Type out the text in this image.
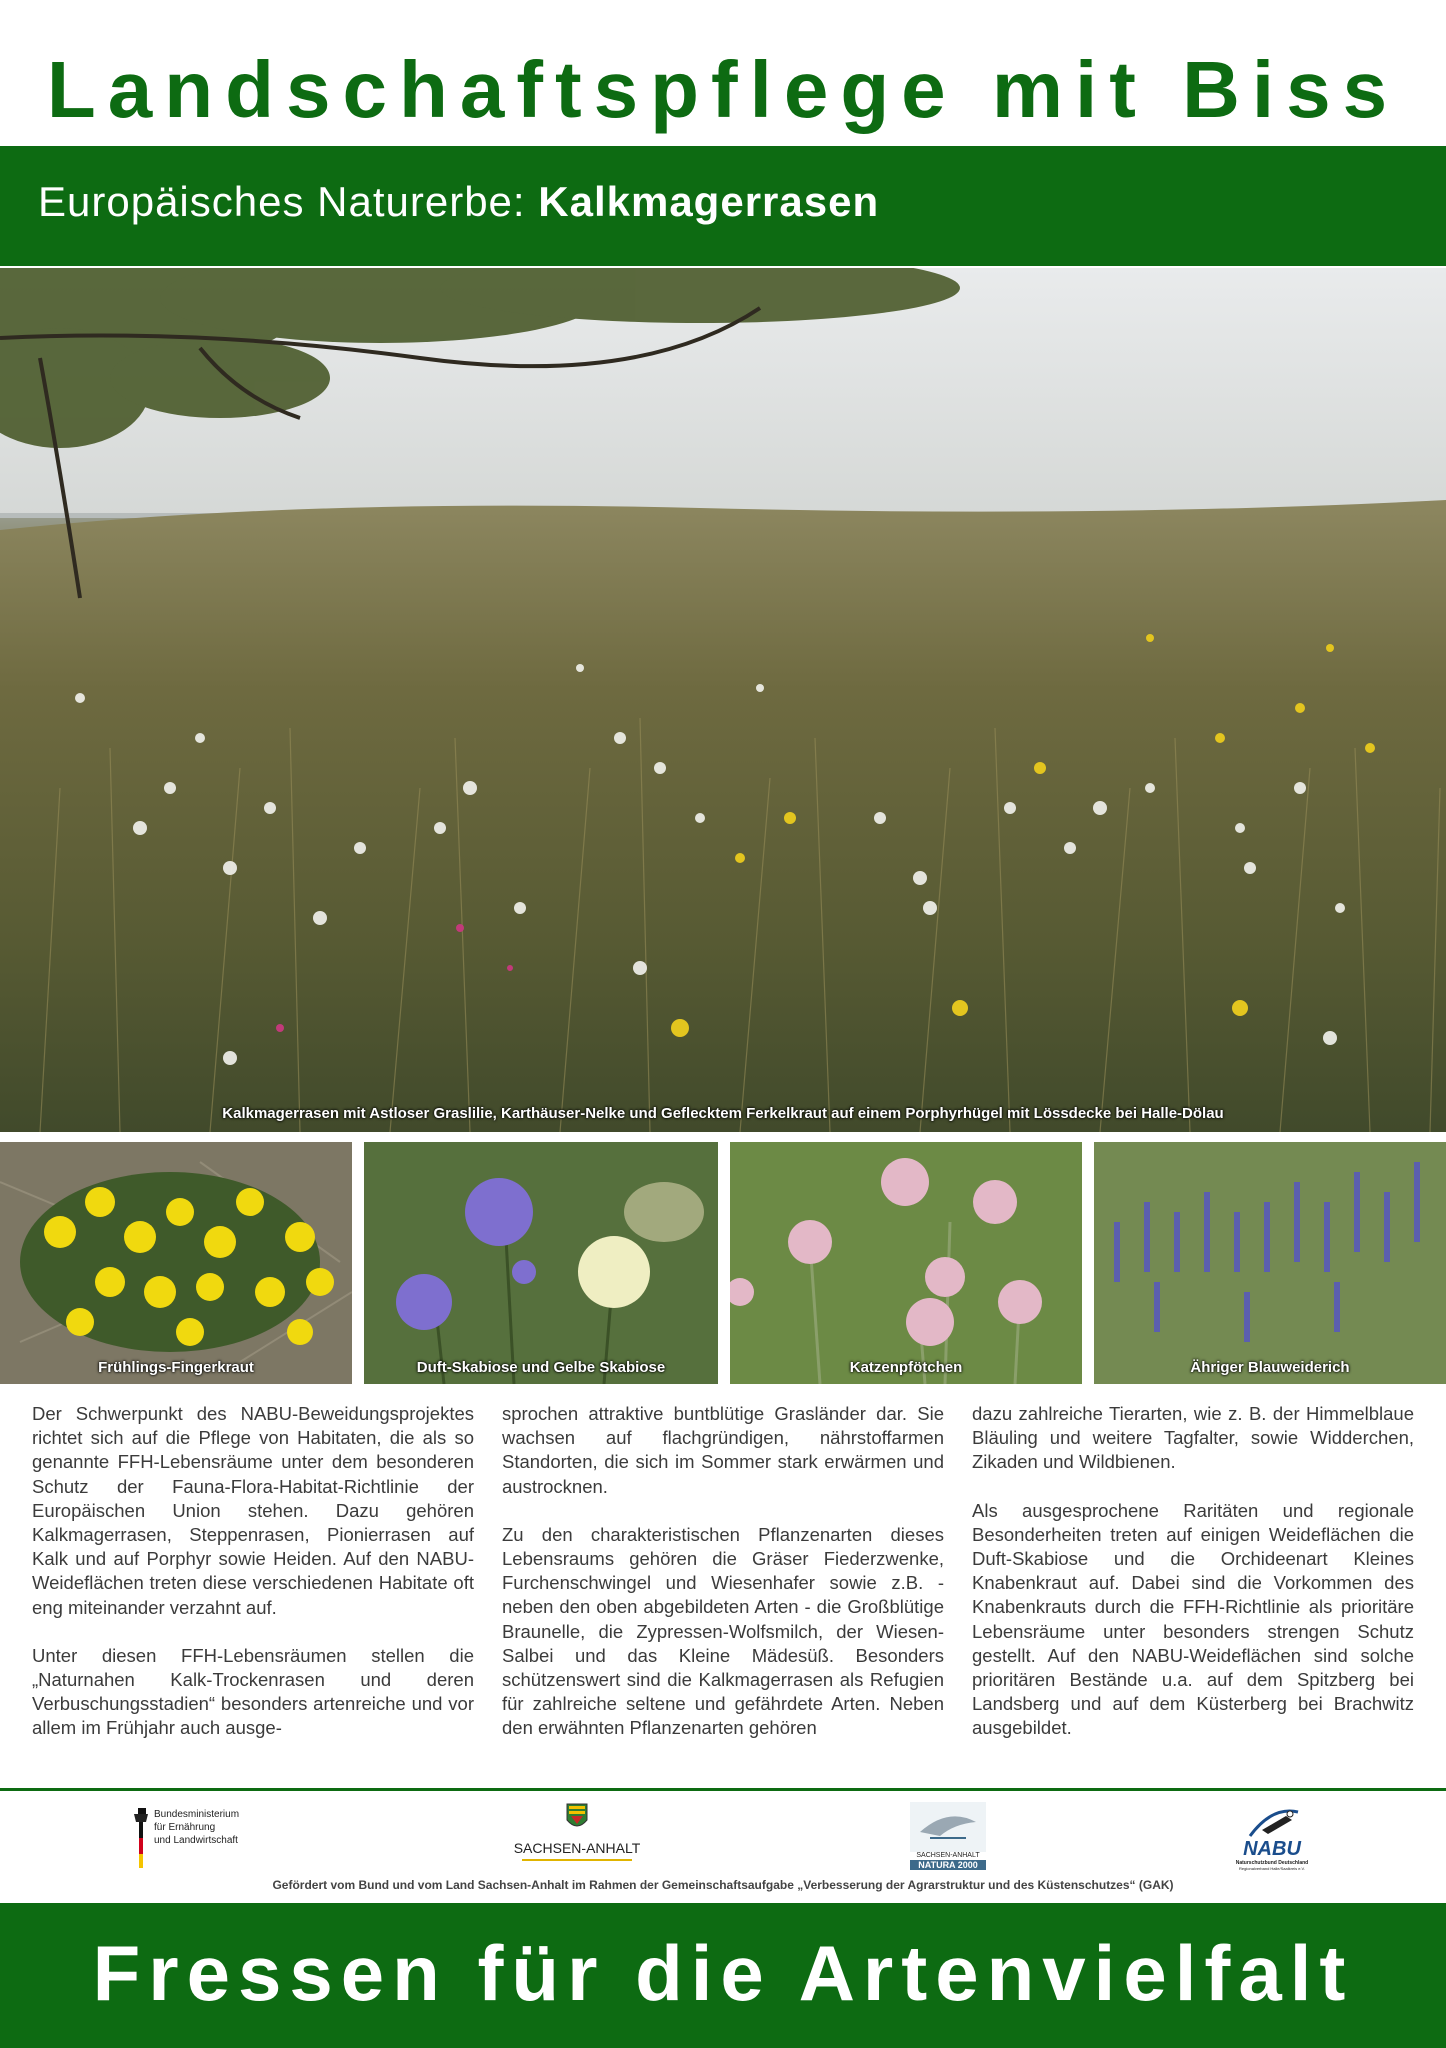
Landschaftspflege mit Biss
Europäisches Naturerbe: Kalkmagerrasen
Kalkmagerrasen mit Astloser Graslilie, Karthäuser-Nelke und Geflecktem Ferkelkraut auf einem Porphyrhügel mit Lössdecke bei Halle-Dölau
Frühlings-Fingerkraut	Duft-Skabiose und Gelbe Skabiose	Katzenpfötchen	Ähriger Blauweiderich

Der Schwerpunkt des NABU-Beweidungsprojektes richtet sich auf die Pflege von Habitaten, die als so genannte FFH-Lebensräume unter dem besonderen Schutz der Fauna-Flora-Habitat-Richtlinie der Europäischen Union stehen. Dazu gehören Kalkmagerrasen, Steppenrasen, Pionierrasen auf Kalk und auf Porphyr sowie Heiden. Auf den NABU-Weideflächen treten diese verschiedenen Habitate oft eng miteinander verzahnt auf.

Unter diesen FFH-Lebensräumen stellen die „Naturnahen Kalk-Trockenrasen und deren Verbuschungsstadien“ besonders artenreiche und vor allem im Frühjahr auch ausge-

sprochen attraktive buntblütige Grasländer dar. Sie wachsen auf flachgründigen, nährstoffarmen Standorten, die sich im Sommer stark erwärmen und austrocknen.

Zu den charakteristischen Pflanzenarten dieses Lebensraums gehören die Gräser Fiederzwenke, Furchenschwingel und Wiesenhafer sowie z.B. - neben den oben abgebildeten Arten - die Großblütige Braunelle, die Zypressen-Wolfsmilch, der Wiesen-Salbei und das Kleine Mädesüß. Besonders schützenswert sind die Kalkmagerrasen als Refugien für zahlreiche seltene und gefährdete Arten. Neben den erwähnten Pflanzenarten gehören

dazu zahlreiche Tierarten, wie z. B. der Himmelblaue Bläuling und weitere Tagfalter, sowie Widderchen, Zikaden und Wildbienen.

Als ausgesprochene Raritäten und regionale Besonderheiten treten auf einigen Weideflächen die Duft-Skabiose und die Orchideenart Kleines Knabenkraut auf. Dabei sind die Vorkommen des Knabenkrauts durch die FFH-Richtlinie als prioritäre Lebensräume unter besonders strengen Schutz gestellt. Auf den NABU-Weideflächen sind solche prioritären Bestände u.a. auf dem Spitzberg bei Landsberg und auf dem Küsterberg bei Brachwitz ausgebildet.

Bundesministerium
für Ernährung
und Landwirtschaft	SACHSEN-ANHALT	SACHSEN-ANHALT
NATURA 2000
NABU
Naturschutzbund Deutschland
Regionalverband Halle/Saalkreis e.V.
Gefördert vom Bund und vom Land Sachsen-Anhalt im Rahmen der Gemeinschaftsaufgabe „Verbesserung der Agrarstruktur und des Küstenschutzes“ (GAK)
Fressen für die Artenvielfalt
